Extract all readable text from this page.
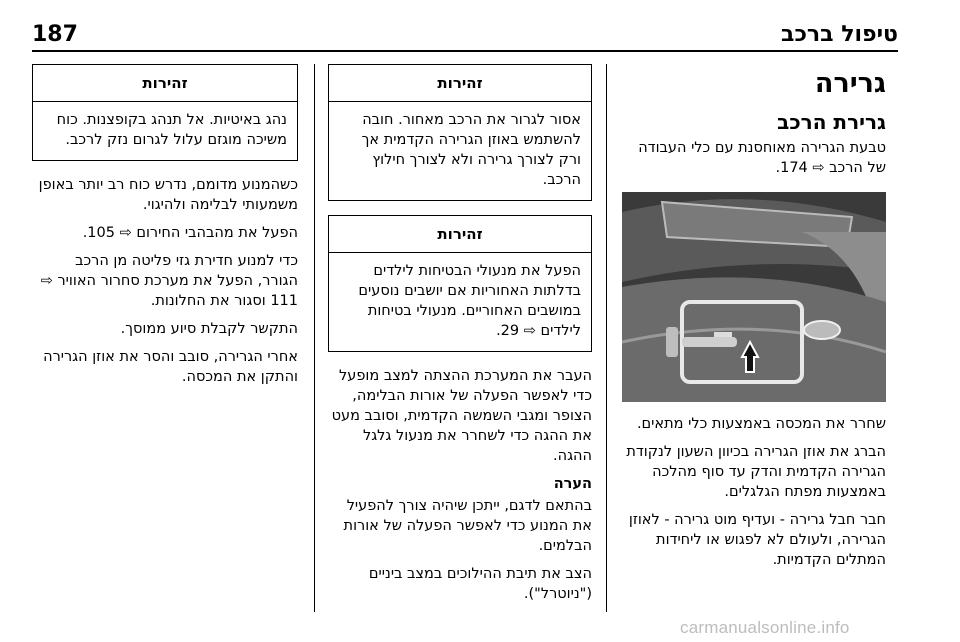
187	טיפול ברכב
גרירה
גרירת הרכב

טבעת הגרירה מאוחסנת עם כלי העבודה של הרכב ⇨ 174.

שחרר את המכסה באמצעות כלי מתאים.

הברג את אוזן הגרירה בכיוון השעון לנקודת הגרירה הקדמית והדק עד סוף מהלכה באמצעות מפתח הגלגלים.

חבר חבל גרירה - ועדיף מוט גרירה - לאוזן הגרירה, ולעולם לא לפגוש או ליחידות המתלים הקדמיות.

זהירות
אסור לגרור את הרכב מאחור. חובה להשתמש באוזן הגרירה הקדמית אך ורק לצורך גרירה ולא לצורך חילוץ הרכב.
זהירות
הפעל את מנעולי הבטיחות לילדים בדלתות האחוריות אם יושבים נוסעים במושבים האחוריים. מנעולי בטיחות לילדים ⇨ 29.

העבר את המערכת ההצתה למצב מופעל כדי לאפשר הפעלה של אורות הבלימה, הצופר ומגבי השמשה הקדמית, וסובב מעט את ההגה כדי לשחרר את מנעול גלגל ההגה.

הערה

בהתאם לדגם, ייתכן שיהיה צורך להפעיל את המנוע כדי לאפשר הפעלה של אורות הבלמים.

הצב את תיבת ההילוכים במצב ביניים ("ניוטרל").

זהירות
נהג באיטיות. אל תנהג בקופצנות. כוח משיכה מוגזם עלול לגרום נזק לרכב.

כשהמנוע מדומם, נדרש כוח רב יותר באופן משמעותי לבלימה ולהיגוי.

הפעל את מהבהבי החירום ⇨ 105.

כדי למנוע חדירת גזי פליטה מן הרכב הגורר, הפעל את מערכת סחרור האוויר ⇨ 111 וסגור את החלונות.

התקשר לקבלת סיוע ממוסך.

אחרי הגרירה, סובב והסר את אוזן הגרירה והתקן את המכסה.

carmanualsonline.info
